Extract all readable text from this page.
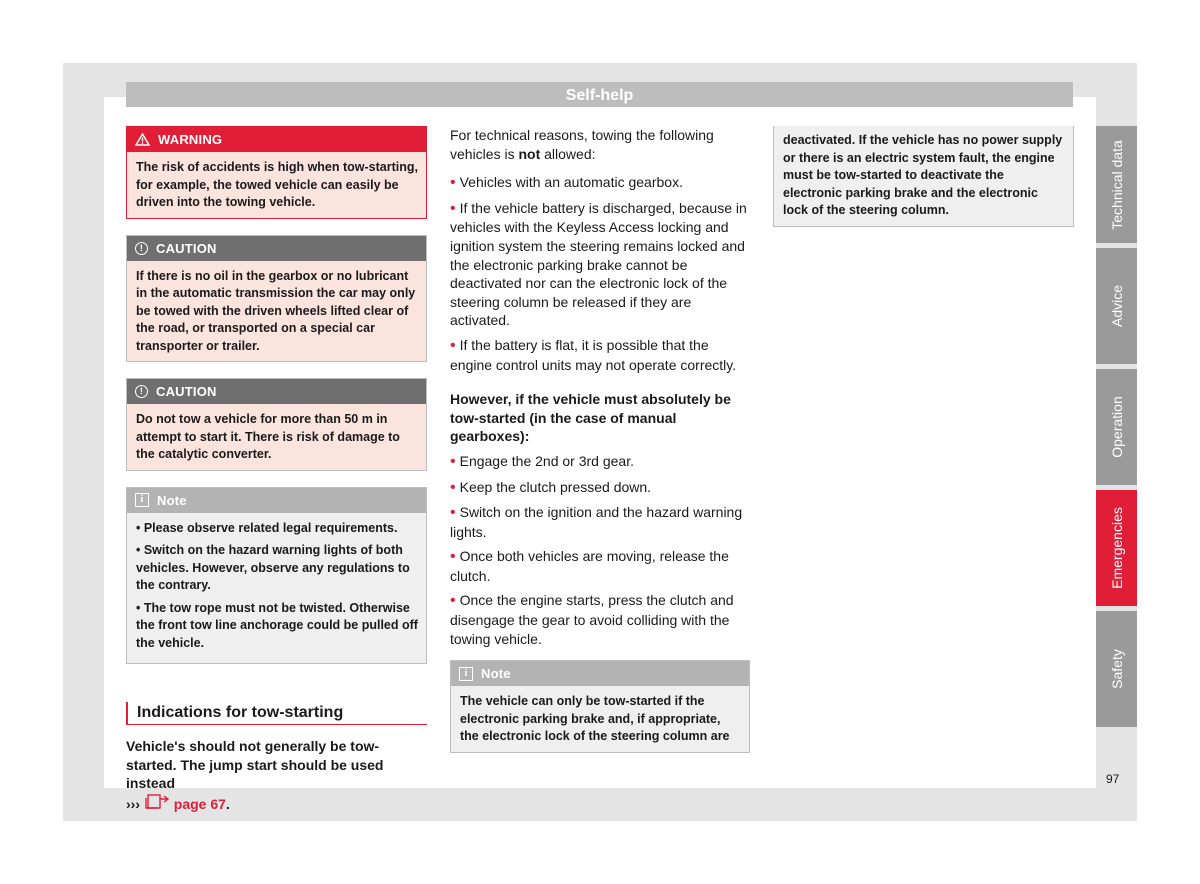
Self-help
WARNING
The risk of accidents is high when tow-starting, for example, the towed vehicle can easily be driven into the towing vehicle.
! CAUTION
If there is no oil in the gearbox or no lubricant in the automatic transmission the car may only be towed with the driven wheels lifted clear of the road, or transported on a special car transporter or trailer.
! CAUTION
Do not tow a vehicle for more than 50 m in attempt to start it. There is risk of damage to the catalytic converter.
i	Note
• Please observe related legal requirements.
• Switch on the hazard warning lights of both vehicles. However, observe any regulations to the contrary.
• The tow rope must not be twisted. Otherwise the front tow line anchorage could be pulled off the vehicle.
Indications for tow-starting
Vehicle's should not generally be tow-started. The jump start should be used instead
››› page 67.
For technical reasons, towing the following vehicles is not allowed:
• Vehicles with an automatic gearbox.
• If the vehicle battery is discharged, because in vehicles with the Keyless Access locking and ignition system the steering remains locked and the electronic parking brake cannot be deactivated nor can the electronic lock of the steering column be released if they are activated.
• If the battery is flat, it is possible that the engine control units may not operate correctly.
However, if the vehicle must absolutely be tow-started (in the case of manual gearboxes):
• Engage the 2nd or 3rd gear.
• Keep the clutch pressed down.
• Switch on the ignition and the hazard warning lights.
• Once both vehicles are moving, release the clutch.
• Once the engine starts, press the clutch and disengage the gear to avoid colliding with the towing vehicle.
i	Note
The vehicle can only be tow-started if the electronic parking brake and, if appropriate, the electronic lock of the steering column are
deactivated. If the vehicle has no power supply or there is an electric system fault, the engine must be tow-started to deactivate the electronic parking brake and the electronic lock of the steering column.	Technical data
Advice
Operation
Emergencies
Safety
97
